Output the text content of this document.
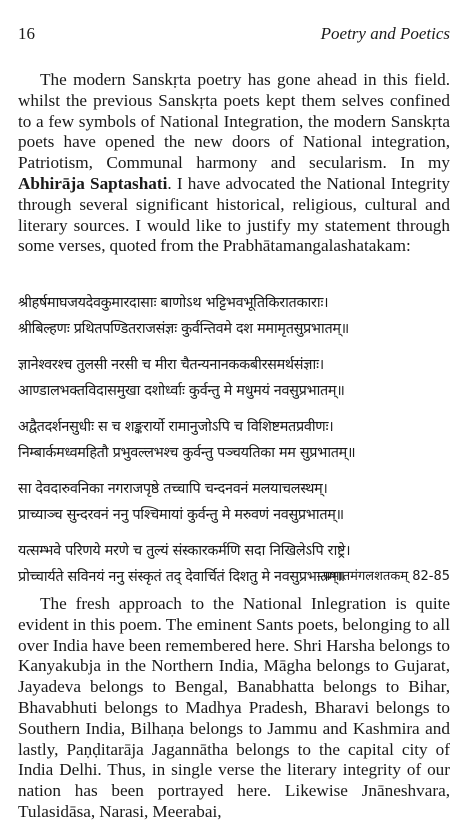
16	Poetry and Poetics

The modern Sanskṛta poetry has gone ahead in this field. whilst the previous Sanskṛta poets kept them selves confined to a few symbols of National Integration, the modern Sanskṛta poets have opened the new doors of National integration, Patriotism, Communal harmony and secularism. In my Abhirāja Saptashati. I have advocated the National Integrity through several significant historical, religious, cultural and literary sources. I would like to justify my statement through some verses, quoted from the Prabhātamangalashatakam:

श्रीहर्षमाघजयदेवकुमारदासाः बाणोऽथ भट्टिभवभूतिकिरातकाराः।
श्रीबिल्हणः प्रथितपण्डितराजसंज्ञः कुर्वन्तिवमे दश ममामृतसुप्रभातम्॥
ज्ञानेश्वरश्च तुलसी नरसी च मीरा चैतन्यनानककबीरसमर्थसंज्ञाः।
आण्डालभक्तविदासमुखा दशोर्ध्वाः कुर्वन्तु मे मधुमयं नवसुप्रभातम्॥
अद्वैतदर्शनसुधीः स च शङ्करार्यो रामानुजोऽपि च विशिष्टमतप्रवीणः।
निम्बार्कमध्वमहितौ प्रभुवल्लभश्च कुर्वन्तु पञ्चयतिका मम सुप्रभातम्॥
सा देवदारुवनिका नगराजपृष्ठे तच्चापि चन्दनवनं मलयाचलस्थम्।
प्राच्याञ्च सुन्दरवनं ननु पश्चिमायां कुर्वन्तु मे मरुवणं नवसुप्रभातम्॥
यत्सम्भवे परिणये मरणे च तुल्यं संस्कारकर्मणि सदा निखिलेऽपि राष्ट्रे।
प्रोच्चार्यते सविनयं ननु संस्कृतं तद् देवार्चितं दिशतु मे नवसुप्रभातम्॥
–प्रभातमंगलशतकम् 82-85

The fresh approach to the National Inlegration is quite evident in this poem. The eminent Sants poets, belonging to all over India have been remembered here. Shri Harsha belongs to Kanyakubja in the Northern India, Māgha belongs to Gujarat, Jayadeva belongs to Bengal, Banabhatta belongs to Bihar, Bhavabhuti belongs to Madhya Pradesh, Bharavi belongs to Southern India, Bilhaṇa belongs to Jammu and Kashmira and lastly, Paṇḍitarāja Jagannātha belongs to the capital city of India Delhi. Thus, in single verse the literary integrity of our nation has been portrayed here. Likewise Jnāneshvara, Tulasidāsa, Narasi, Meerabai,
